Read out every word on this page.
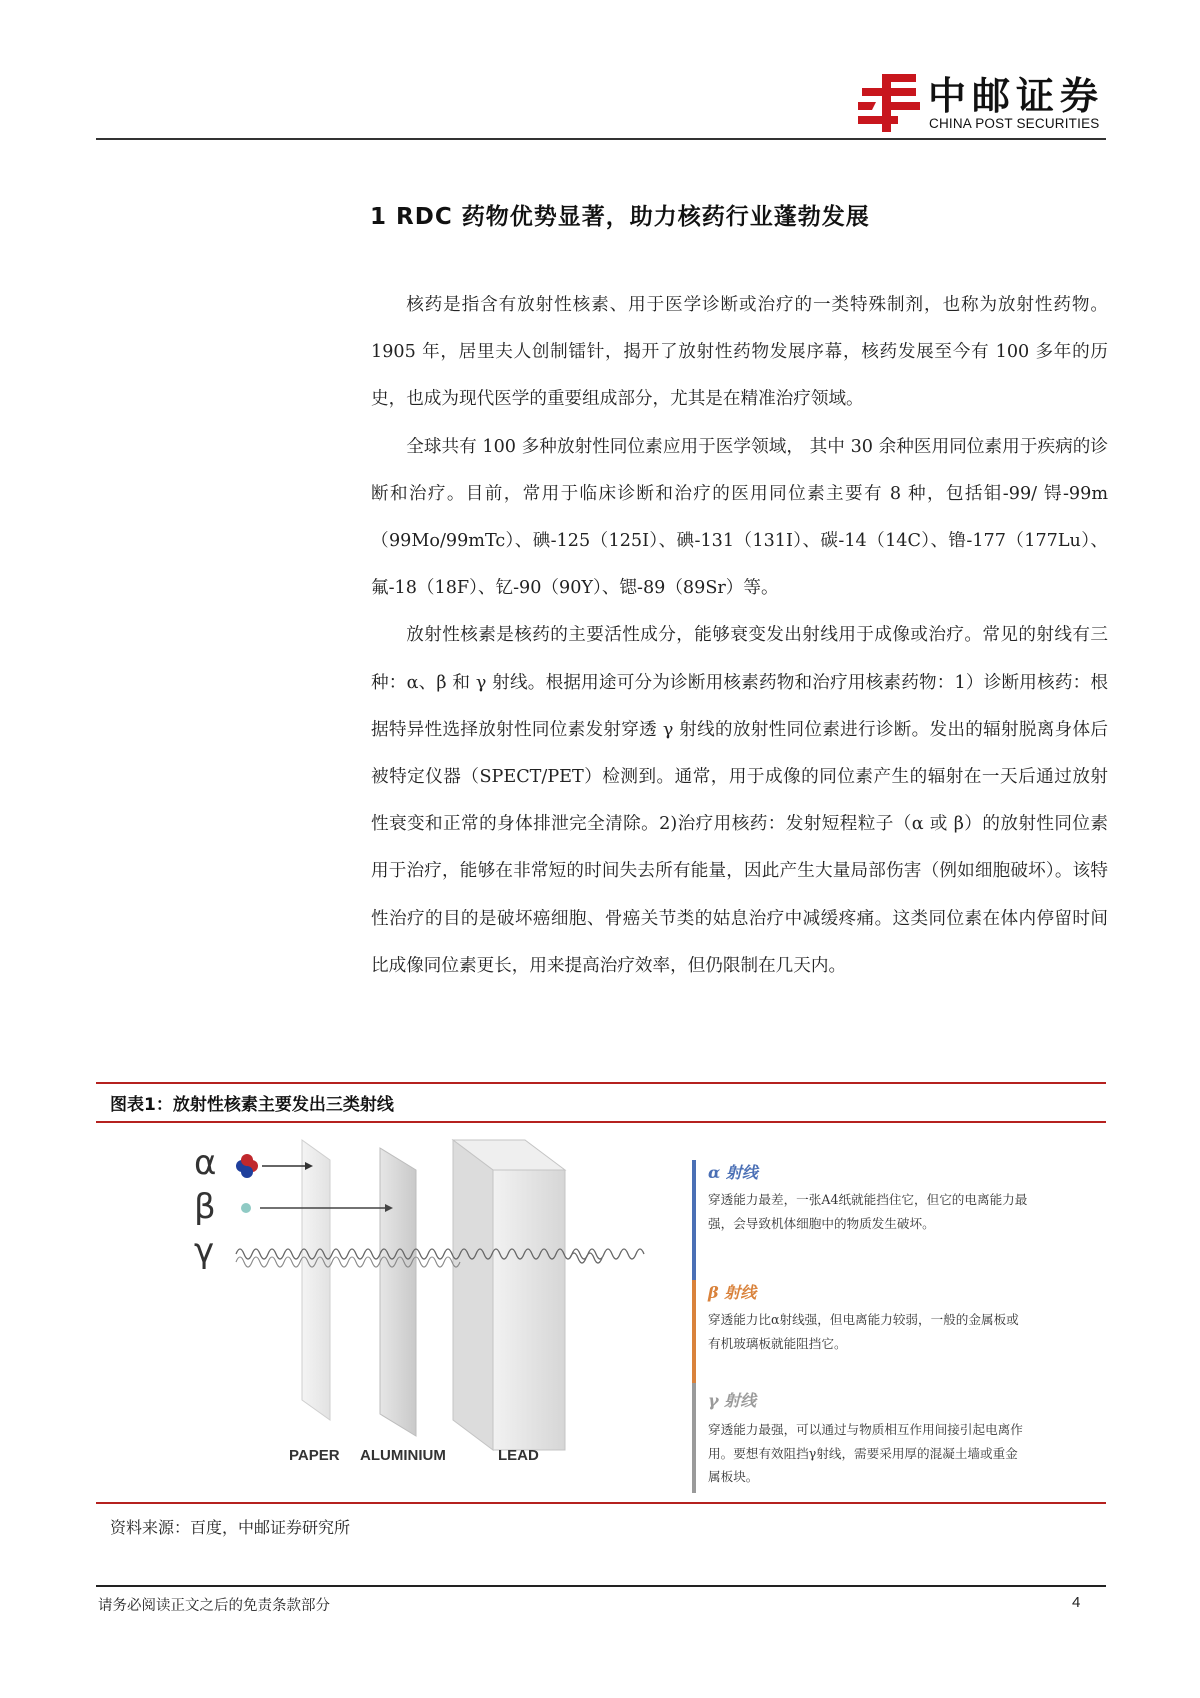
中邮证券
CHINA POST SECURITIES
1 RDC 药物优势显著，助力核药行业蓬勃发展

核药是指含有放射性核素、用于医学诊断或治疗的一类特殊制剂，也称为放射性药物。1905 年，居里夫人创制镭针，揭开了放射性药物发展序幕，核药发展至今有 100 多年的历史，也成为现代医学的重要组成部分，尤其是在精准治疗领域。

全球共有 100 多种放射性同位素应用于医学领域， 其中 30 余种医用同位素用于疾病的诊断和治疗。目前，常用于临床诊断和治疗的医用同位素主要有 8 种，包括钼-99/ 锝-99m（99Mo/99mTc）、碘-125（125I）、碘-131（131I）、碳-14（14C）、镥-177（177Lu）、氟-18（18F）、钇-90（90Y）、锶-89（89Sr）等。

放射性核素是核药的主要活性成分，能够衰变发出射线用于成像或治疗。常见的射线有三种：α、β 和 γ 射线。根据用途可分为诊断用核素药物和治疗用核素药物：1）诊断用核药：根据特异性选择放射性同位素发射穿透 γ 射线的放射性同位素进行诊断。发出的辐射脱离身体后被特定仪器（SPECT/PET）检测到。通常，用于成像的同位素产生的辐射在一天后通过放射性衰变和正常的身体排泄完全清除。2)治疗用核药：发射短程粒子（α 或 β）的放射性同位素用于治疗，能够在非常短的时间失去所有能量，因此产生大量局部伤害（例如细胞破坏）。该特性治疗的目的是破坏癌细胞、骨癌关节类的姑息治疗中减缓疼痛。这类同位素在体内停留时间比成像同位素更长，用来提高治疗效率，但仍限制在几天内。

图表1：放射性核素主要发出三类射线
α
β
γ
PAPER ALUMINIUM	LEAD
α 射线
穿透能力最差，一张A4纸就能挡住它，但它的电离能力最强，会导致机体细胞中的物质发生破坏。
β 射线
穿透能力比α射线强，但电离能力较弱，一般的金属板或有机玻璃板就能阻挡它。
γ 射线
穿透能力最强，可以通过与物质相互作用间接引起电离作用。要想有效阻挡γ射线，需要采用厚的混凝土墙或重金属板块。
资料来源：百度，中邮证券研究所
请务必阅读正文之后的免责条款部分	4
